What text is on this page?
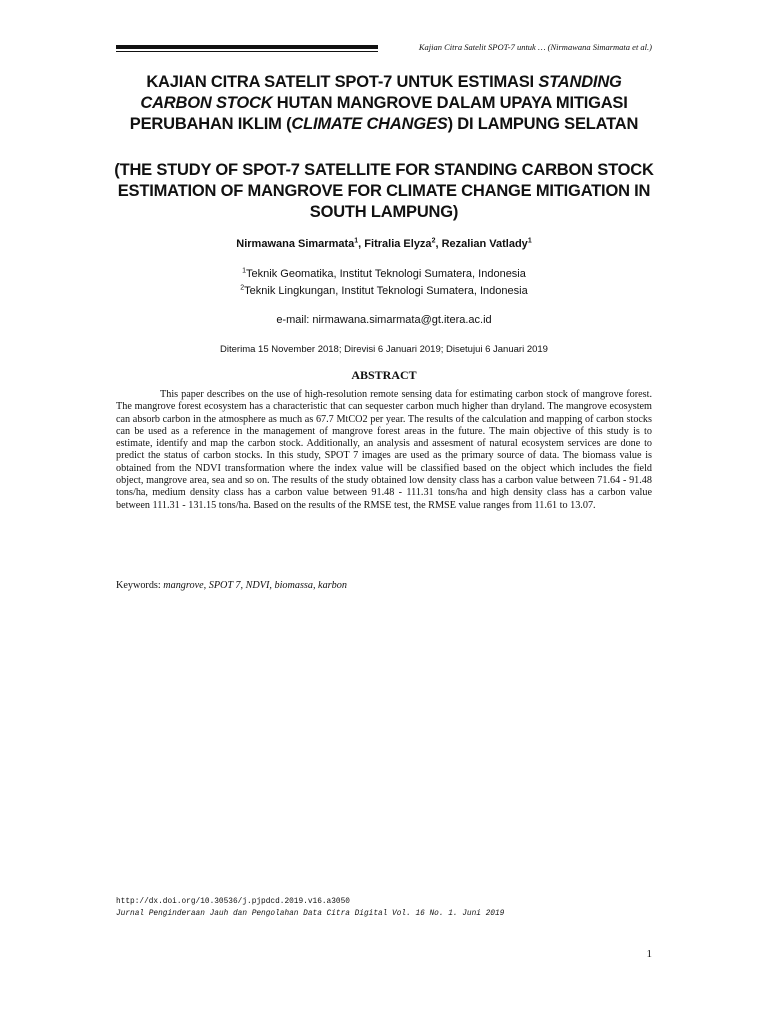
Kajian Citra Satelit SPOT-7 untuk … (Nirmawana Simarmata et al.)
KAJIAN CITRA SATELIT SPOT-7 UNTUK ESTIMASI STANDING CARBON STOCK HUTAN MANGROVE DALAM UPAYA MITIGASI PERUBAHAN IKLIM (CLIMATE CHANGES) DI LAMPUNG SELATAN
(THE STUDY OF SPOT-7 SATELLITE FOR STANDING CARBON STOCK ESTIMATION OF MANGROVE FOR CLIMATE CHANGE MITIGATION IN SOUTH LAMPUNG)
Nirmawana Simarmata$^1$, Fitralia Elyza$^2$, Rezalian Vatlady$^1$
$^1$Teknik Geomatika, Institut Teknologi Sumatera, Indonesia
$^2$Teknik Lingkungan, Institut Teknologi Sumatera, Indonesia
e-mail: nirmawana.simarmata@gt.itera.ac.id
Diterima 15 November 2018; Direvisi 6 Januari 2019; Disetujui 6 Januari 2019
ABSTRACT

This paper describes on the use of high-resolution remote sensing data for estimating carbon stock of mangrove forest. The mangrove forest ecosystem has a characteristic that can sequester carbon much higher than dryland. The mangrove ecosystem can absorb carbon in the atmosphere as much as 67.7 MtCO2 per year. The results of the calculation and mapping of carbon stocks can be used as a reference in the management of mangrove forest areas in the future. The main objective of this study is to estimate, identify and map the carbon stock. Additionally, an analysis and assesment of natural ecosystem services are done to predict the status of carbon stocks. In this study, SPOT 7 images are used as the primary source of data. The biomass value is obtained from the NDVI transformation where the index value will be classified based on the object which includes the field object, mangrove area, sea and so on. The results of the study obtained low density class has a carbon value between 71.64 - 91.48 tons/ha, medium density class has a carbon value between 91.48 - 111.31 tons/ha and high density class has a carbon value between 111.31 - 131.15 tons/ha. Based on the results of the RMSE test, the RMSE value ranges from 11.61 to 13.07.

Keywords: mangrove, SPOT 7, NDVI, biomassa, karbon
http://dx.doi.org/10.30536/j.pjpdcd.2019.v16.a3050
Jurnal Penginderaan Jauh dan Pengolahan Data Citra Digital Vol. 16 No. 1. Juni 2019
1
